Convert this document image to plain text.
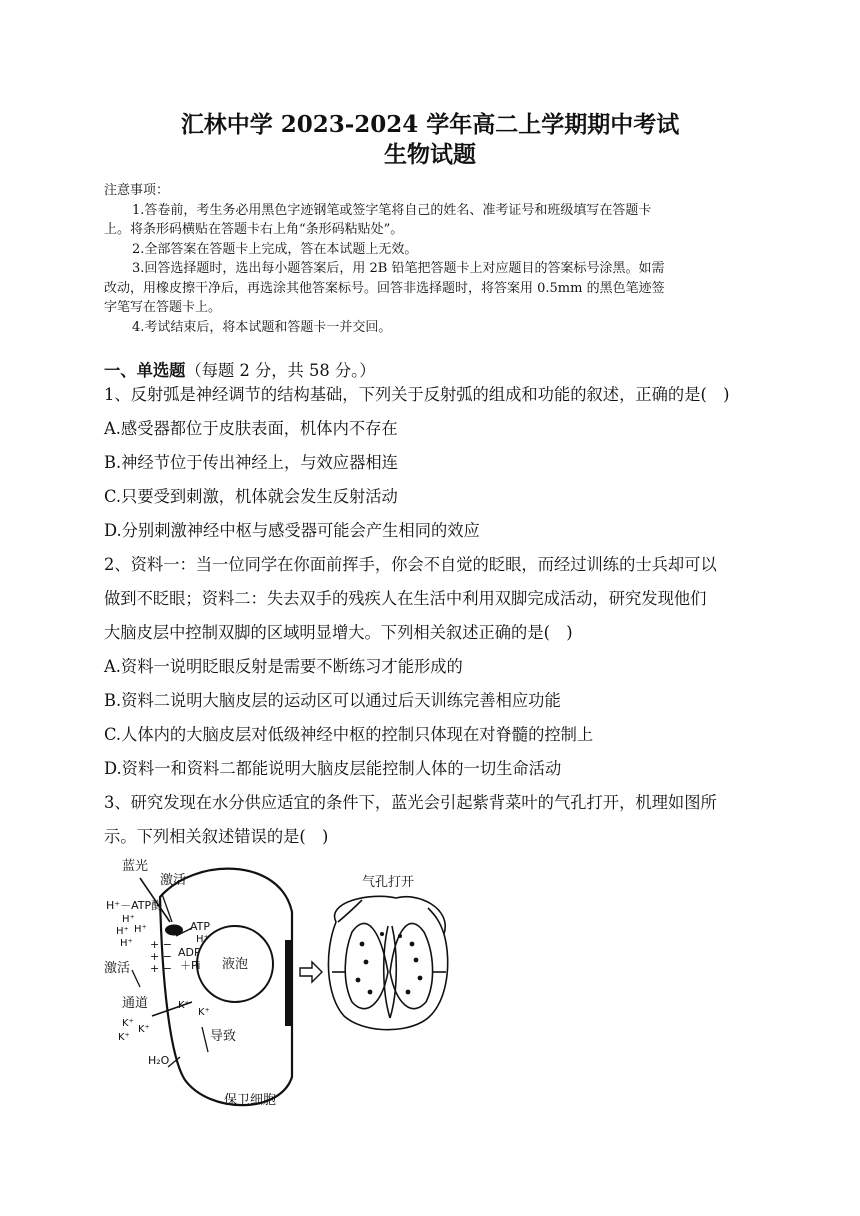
汇林中学 2023-2024 学年高二上学期期中考试
生物试题
注意事项：
1.答卷前，考生务必用黑色字迹钢笔或签字笔将自己的姓名、准考证号和班级填写在答题卡
上。将条形码横贴在答题卡右上角“条形码粘贴处”。
2.全部答案在答题卡上完成，答在本试题上无效。
3.回答选择题时，选出每小题答案后，用 2B 铅笔把答题卡上对应题目的答案标号涂黑。如需
改动，用橡皮擦干净后，再选涂其他答案标号。回答非选择题时，将答案用 0.5mm 的黑色笔迹签
字笔写在答题卡上。
4.考试结束后，将本试题和答题卡一并交回。
一、单选题（每题 2 分，共 58 分。）
1、反射弧是神经调节的结构基础，下列关于反射弧的组成和功能的叙述，正确的是(　)
A.感受器都位于皮肤表面，机体内不存在
B.神经节位于传出神经上，与效应器相连
C.只要受到刺激，机体就会发生反射活动
D.分别刺激神经中枢与感受器可能会产生相同的效应
2、资料一：当一位同学在你面前挥手，你会不自觉的眨眼，而经过训练的士兵却可以
做到不眨眼；资料二：失去双手的残疾人在生活中利用双脚完成活动，研究发现他们
大脑皮层中控制双脚的区域明显增大。下列相关叙述正确的是(　)
A.资料一说明眨眼反射是需要不断练习才能形成的
B.资料二说明大脑皮层的运动区可以通过后天训练完善相应功能
C.人体内的大脑皮层对低级神经中枢的控制只体现在对脊髓的控制上
D.资料一和资料二都能说明大脑皮层能控制人体的一切生命活动
3、研究发现在水分供应适宜的条件下，蓝光会引起紫背菜叶的气孔打开，机理如图所
示。下列相关叙述错误的是(　)
+ −
+ −
+ −
蓝光
激活
H⁺－ATP酶
H⁺
H⁺ H⁺
H⁺
ATP
H⁺
ADP
＋Pi
激活
通道	K⁺
K⁺
K⁺
K⁺
K⁺
液泡
导致
H₂O
保卫细胞
气孔打开
